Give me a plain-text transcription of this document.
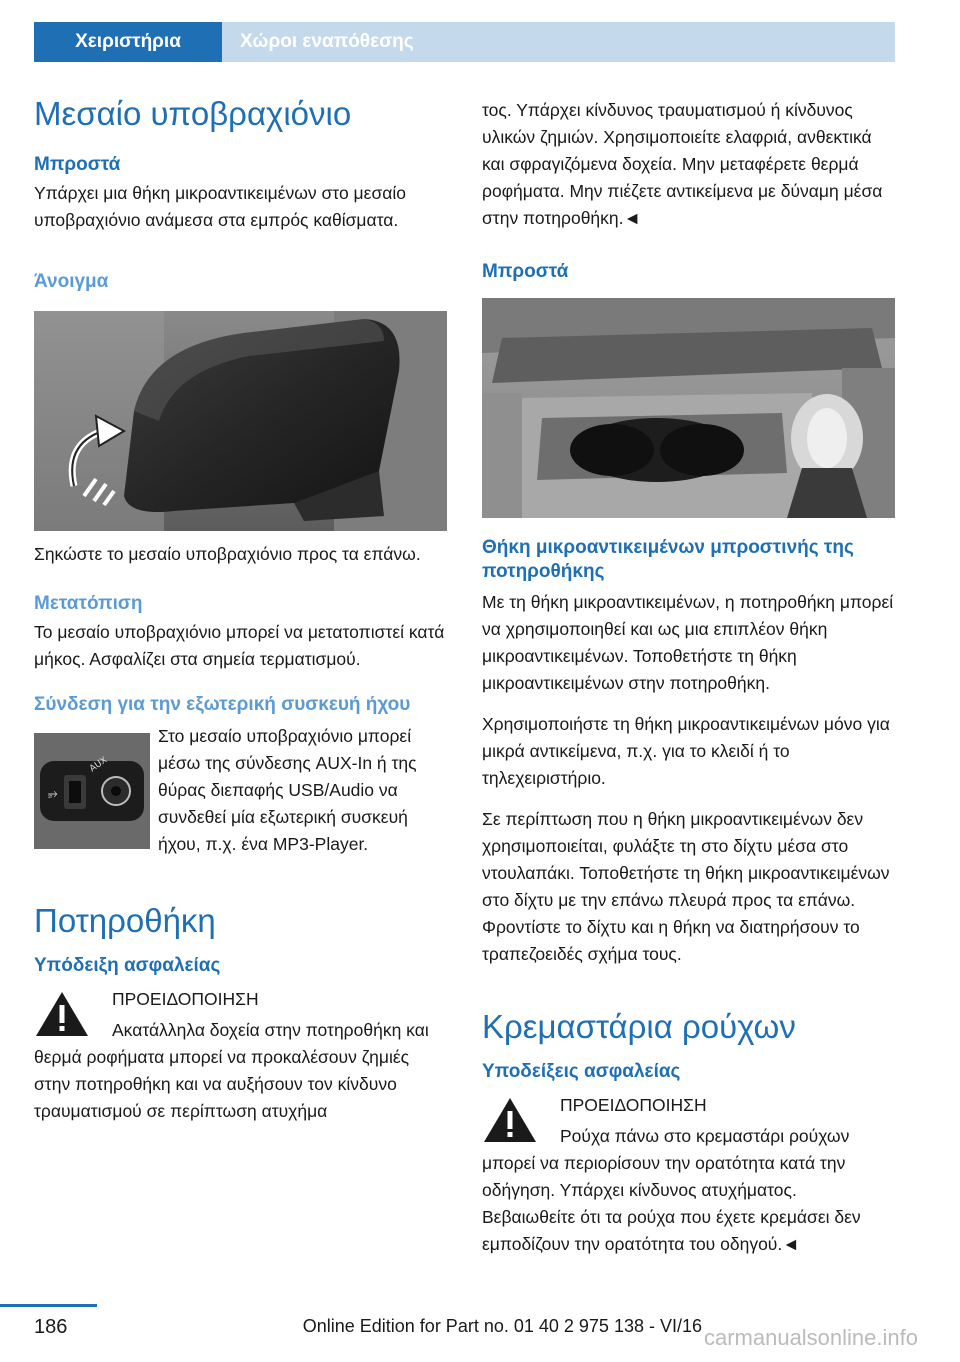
Χειριστήρια	Χώροι εναπόθεσης
Μεσαίο υποβραχιόνιο
Μπροστά

Υπάρχει μια θήκη μικροαντικειμένων στο μεσαίο υποβραχιόνιο ανάμεσα στα εμπρός καθίσματα.

Άνοιγμα

Σηκώστε το μεσαίο υποβραχιόνιο προς τα επάνω.

Μετατόπιση

Το μεσαίο υποβραχιόνιο μπορεί να μετατοπιστεί κατά μήκος. Ασφαλίζει στα σημεία τερματισμού.

Σύνδεση για την εξωτερική συσκευή ήχου
⭈
AUX

Στο μεσαίο υποβραχιόνιο μπορεί μέσω της σύνδεσης AUX-In ή της θύρας διεπαφής USB/Audio να συνδεθεί μία εξωτερική συσκευή ήχου, π.χ. ένα MP3-Player.

Ποτηροθήκη
Υπόδειξη ασφαλείας

ΠΡΟΕΙΔΟΠΟΙΗΣΗ

Ακατάλληλα δοχεία στην ποτηροθήκη και θερμά ροφήματα μπορεί να προκαλέσουν ζημιές στην ποτηροθήκη και να αυξήσουν τον κίνδυνο τραυματισμού σε περίπτωση ατυχήμα

τος. Υπάρχει κίνδυνος τραυματισμού ή κίνδυνος υλικών ζημιών. Χρησιμοποιείτε ελαφριά, ανθεκτικά και σφραγιζόμενα δοχεία. Μην μεταφέρετε θερμά ροφήματα. Μην πιέζετε αντικείμενα με δύναμη μέσα στην ποτηροθήκη.◄

Μπροστά
Θήκη μικροαντικειμένων μπροστινής της ποτηροθήκης

Με τη θήκη μικροαντικειμένων, η ποτηροθήκη μπορεί να χρησιμοποιηθεί και ως μια επιπλέον θήκη μικροαντικειμένων. Τοποθετήστε τη θήκη μικροαντικειμένων στην ποτηροθήκη.

Χρησιμοποιήστε τη θήκη μικροαντικειμένων μόνο για μικρά αντικείμενα, π.χ. για το κλειδί ή το τηλεχειριστήριο.

Σε περίπτωση που η θήκη μικροαντικειμένων δεν χρησιμοποιείται, φυλάξτε τη στο δίχτυ μέσα στο ντουλαπάκι. Τοποθετήστε τη θήκη μικροαντικειμένων στο δίχτυ με την επάνω πλευρά προς τα επάνω. Φροντίστε το δίχτυ και η θήκη να διατηρήσουν το τραπεζοειδές σχήμα τους.

Κρεμαστάρια ρούχων
Υποδείξεις ασφαλείας

ΠΡΟΕΙΔΟΠΟΙΗΣΗ

Ρούχα πάνω στο κρεμαστάρι ρούχων μπορεί να περιορίσουν την ορατότητα κατά την οδήγηση. Υπάρχει κίνδυνος ατυχήματος. Βεβαιωθείτε ότι τα ρούχα που έχετε κρεμάσει δεν εμποδίζουν την ορατότητα του οδηγού.◄

186	Online Edition for Part no. 01 40 2 975 138 - VI/16 carmanualsonline.info
